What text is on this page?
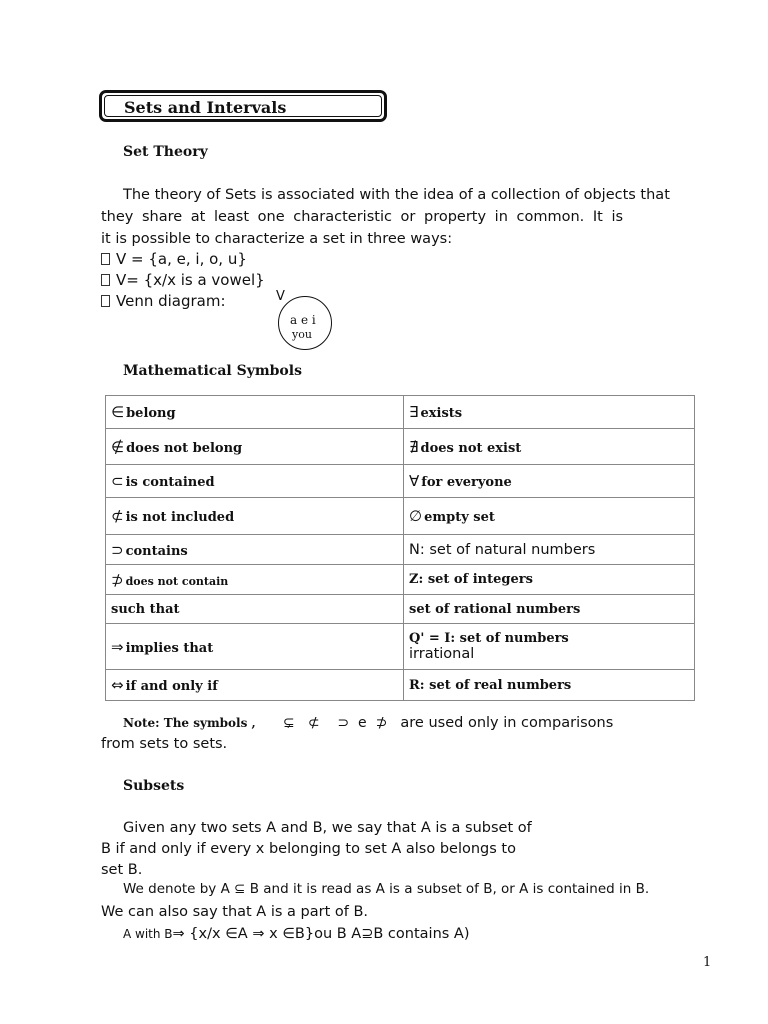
Sets and Intervals
Set Theory
The theory of Sets is associated with the idea of a collection of objects that
they share at least one characteristic or property in common. It is
it is possible to characterize a set in three ways:
V = {a, e, i, o, u}
V= {x/x is a vowel}
Venn diagram:	V
a e i
you
Mathematical Symbols
∈ belong	∃ exists
∉ does not belong	∄ does not exist
⊂ is contained	∀ for everyone
⊄ is not included	∅ empty set
⊃ contains	N: set of natural numbers
⊅ does not contain	Z: set of integers
such that	set of rational numbers
⇒ implies that	Q' = I: set of numbers
irrational

⇔ if and only if	R: set of real numbers
Note: The symbols , ⊊   ⊄    ⊃  e  ⊅ are used only in comparisons
from sets to sets.
Subsets
Given any two sets A and B, we say that A is a subset of
B if and only if every x belonging to set A also belongs to
set B.
We denote by A ⊆ B and it is read as A is a subset of B, or A is contained in B.
We can also say that A is a part of B.
A with B⇒ {x/x ∈A ⇒ x ∈B}ou B A⊇B contains A)
1
